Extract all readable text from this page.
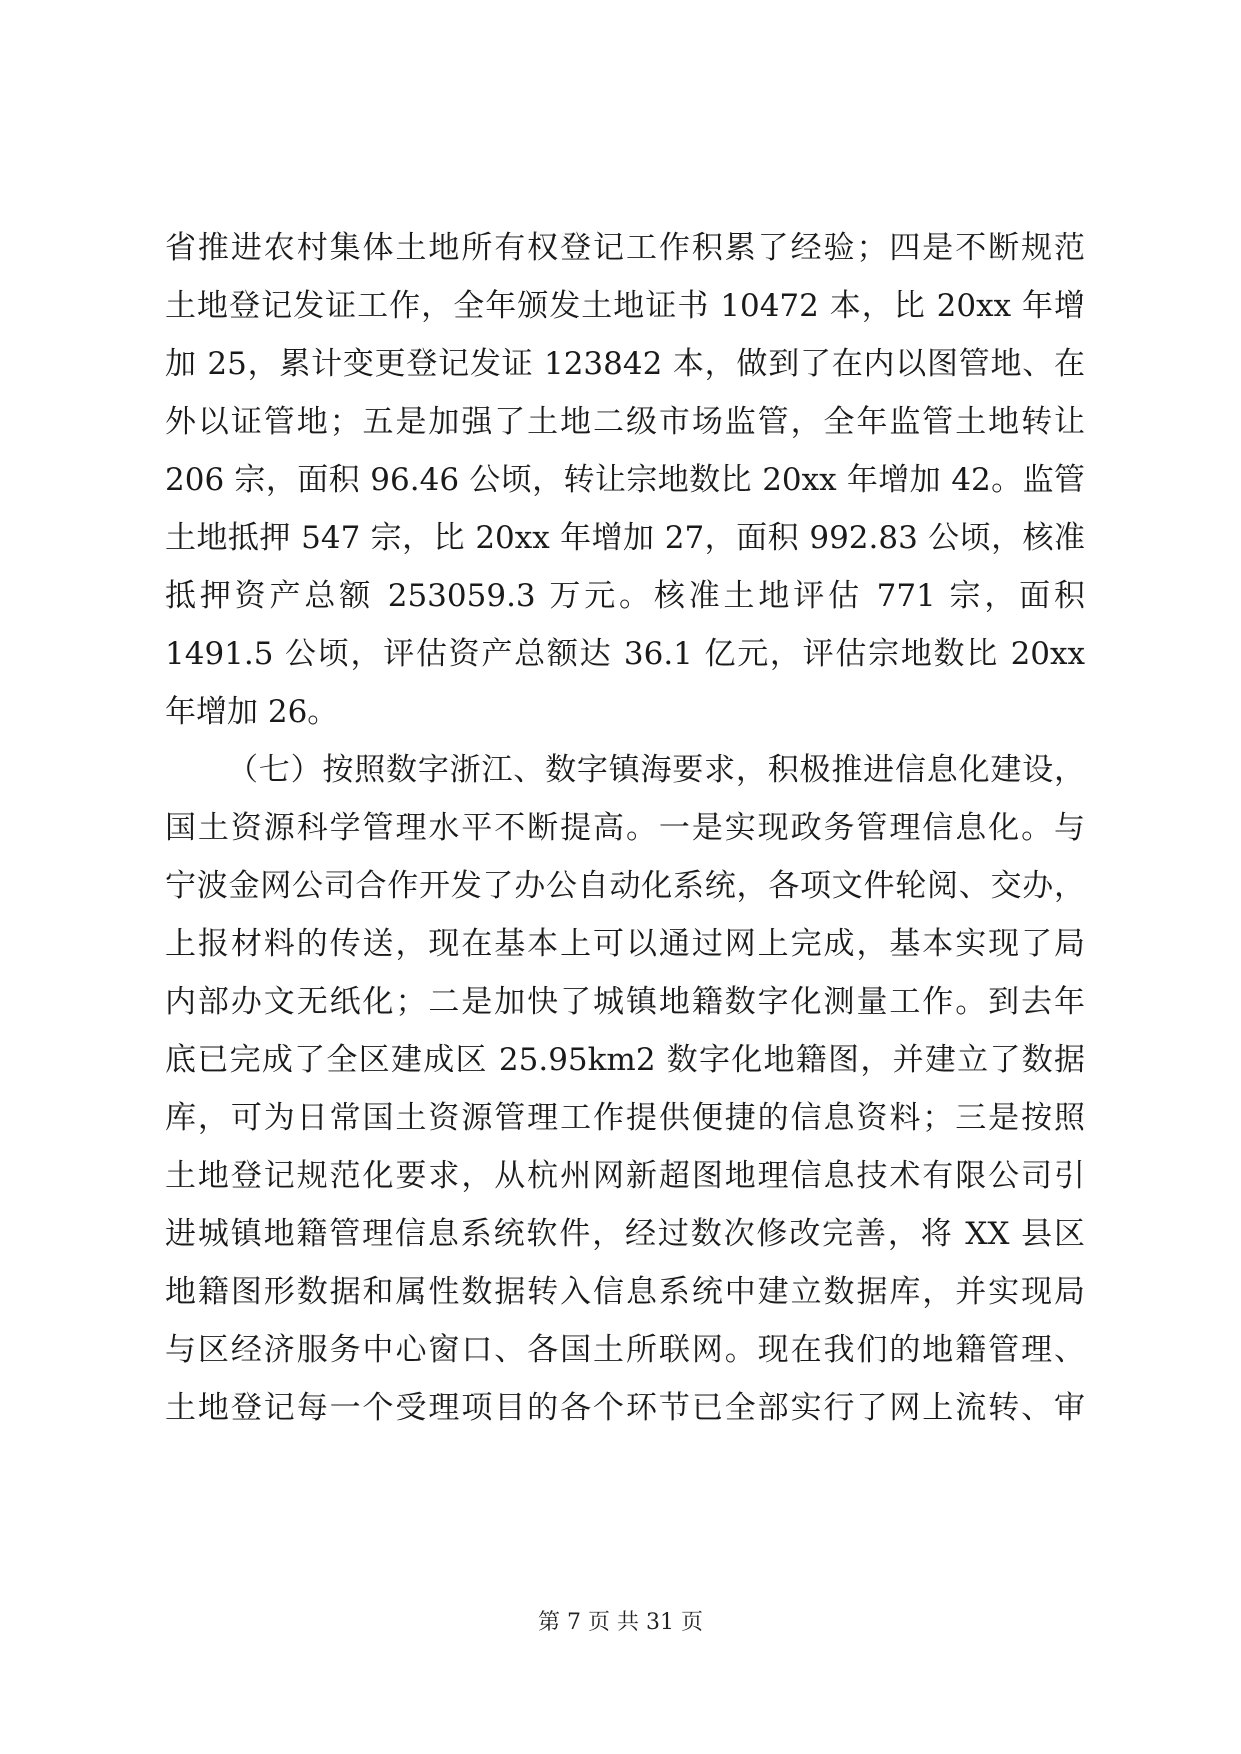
省推进农村集体土地所有权登记工作积累了经验；四是不断规范
土地登记发证工作，全年颁发土地证书 10472 本，比 20xx 年增
加 25，累计变更登记发证 123842 本，做到了在内以图管地、在
外以证管地；五是加强了土地二级市场监管，全年监管土地转让
206 宗，面积 96.46 公顷，转让宗地数比 20xx 年增加 42。监管
土地抵押 547 宗，比 20xx 年增加 27，面积 992.83 公顷，核准
抵押资产总额 253059.3 万元。核准土地评估 771 宗，面积
1491.5 公顷，评估资产总额达 36.1 亿元，评估宗地数比 20xx
年增加 26。
（七）按照数字浙江、数字镇海要求，积极推进信息化建设，
国土资源科学管理水平不断提高。一是实现政务管理信息化。与
宁波金网公司合作开发了办公自动化系统，各项文件轮阅、交办，
上报材料的传送，现在基本上可以通过网上完成，基本实现了局
内部办文无纸化；二是加快了城镇地籍数字化测量工作。到去年
底已完成了全区建成区 25.95km2 数字化地籍图，并建立了数据
库，可为日常国土资源管理工作提供便捷的信息资料；三是按照
土地登记规范化要求，从杭州网新超图地理信息技术有限公司引
进城镇地籍管理信息系统软件，经过数次修改完善，将 XX 县区
地籍图形数据和属性数据转入信息系统中建立数据库，并实现局
与区经济服务中心窗口、各国土所联网。现在我们的地籍管理、
土地登记每一个受理项目的各个环节已全部实行了网上流转、审
第 7 页 共 31 页
